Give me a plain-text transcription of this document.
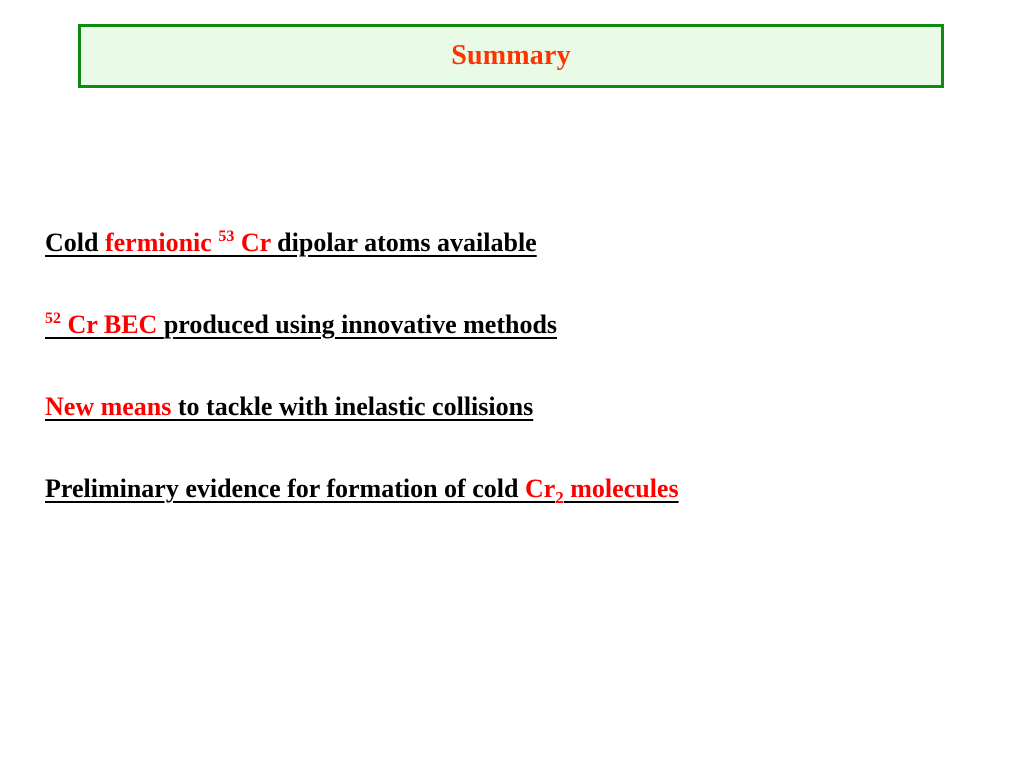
Summary
Cold fermionic $^{53}$ Cr dipolar atoms available
$^{52}$ Cr BEC produced using innovative methods
New means to tackle with inelastic collisions
Preliminary evidence for formation of cold $Cr_2$ molecules
